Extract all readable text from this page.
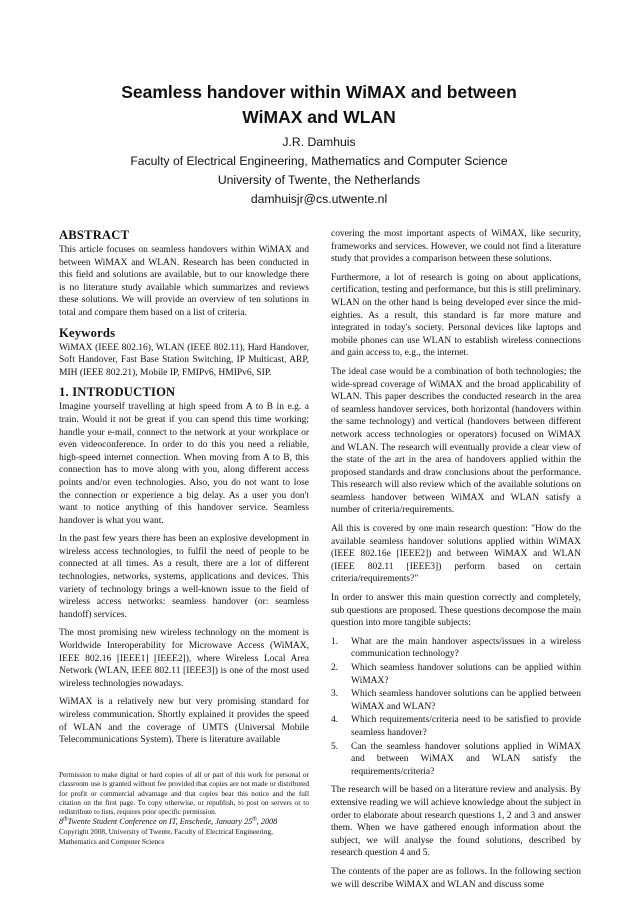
Seamless handover within WiMAX and between
WiMAX and WLAN
J.R. Damhuis
Faculty of Electrical Engineering, Mathematics and Computer Science
University of Twente, the Netherlands
damhuisjr@cs.utwente.nl
ABSTRACT

This article focuses on seamless handovers within WiMAX and between WiMAX and WLAN. Research has been conducted in this field and solutions are available, but to our knowledge there is no literature study available which summarizes and reviews these solutions. We will provide an overview of ten solutions in total and compare them based on a list of criteria.

Keywords

WiMAX (IEEE 802.16), WLAN (IEEE 802.11), Hard Handover, Soft Handover, Fast Base Station Switching, IP Multicast, ARP, MIH (IEEE 802.21), Mobile IP, FMIPv6, HMIPv6, SIP.

1. INTRODUCTION

Imagine yourself travelling at high speed from A to B in e.g. a train. Would it not be great if you can spend this time working; handle your e-mail, connect to the network at your workplace or even videoconference. In order to do this you need a reliable, high-speed internet connection. When moving from A to B, this connection has to move along with you, along different access points and/or even technologies. Also, you do not want to lose the connection or experience a big delay. As a user you don't want to notice anything of this handover service. Seamless handover is what you want.

In the past few years there has been an explosive development in wireless access technologies, to fulfil the need of people to be connected at all times. As a result, there are a lot of different technologies, networks, systems, applications and devices. This variety of technology brings a well-known issue to the field of wireless access networks: seamless handover (or: seamless handoff) services.

The most promising new wireless technology on the moment is Worldwide Interoperability for Microwave Access (WiMAX, IEEE 802.16 [IEEE1] [IEEE2]), where Wireless Local Area Network (WLAN, IEEE 802.11 [IEEE3]) is one of the most used wireless technologies nowadays.

WiMAX is a relatively new but very promising standard for wireless communication. Shortly explained it provides the speed of WLAN and the coverage of UMTS (Universal Mobile Telecommunications System). There is literature available

Permission to make digital or hard copies of all or part of this work for personal or classroom use is granted without fee provided that copies are not made or distributed for profit or commercial advantage and that copies bear this notice and the full citation on the first page. To copy otherwise, or republish, to post on servers or to redistribute to lists, requires prior specific permission.
8thTwente Student Conference on IT, Enschede, January 25th, 2008
Copyright 2008, University of Twente, Faculty of Electrical Engineering,
Mathematics and Computer Science

covering the most important aspects of WiMAX, like security, frameworks and services. However, we could not find a literature study that provides a comparison between these solutions.

Furthermore, a lot of research is going on about applications, certification, testing and performance, but this is still preliminary. WLAN on the other hand is being developed ever since the mid-eighties. As a result, this standard is far more mature and integrated in today's society. Personal devices like laptops and mobile phones can use WLAN to establish wireless connections and gain access to, e.g., the internet.

The ideal case would be a combination of both technologies; the wide-spread coverage of WiMAX and the broad applicability of WLAN. This paper describes the conducted research in the area of seamless handover services, both horizontal (handovers within the same technology) and vertical (handovers between different network access technologies or operators) focused on WiMAX and WLAN. The research will eventually provide a clear view of the state of the art in the area of handovers applied within the proposed standards and draw conclusions about the performance. This research will also review which of the available solutions on seamless handover between WiMAX and WLAN satisfy a number of criteria/requirements.

All this is covered by one main research question: "How do the available seamless handover solutions applied within WiMAX (IEEE 802.16e [IEEE2]) and between WiMAX and WLAN (IEEE 802.11 [IEEE3]) perform based on certain criteria/requirements?"

In order to answer this main question correctly and completely, sub questions are proposed. These questions decompose the main question into more tangible subjects:

1.	What are the main handover aspects/issues in a wireless communication technology?
2.	Which seamless handover solutions can be applied within WiMAX?
3.	Which seamless handover solutions can be applied between WiMAX and WLAN?
4.	Which requirements/criteria need to be satisfied to provide seamless handover?
5.	Can the seamless handover solutions applied in WiMAX and between WiMAX and WLAN satisfy the requirements/criteria?

The research will be based on a literature review and analysis. By extensive reading we will achieve knowledge about the subject in order to elaborate about research questions 1, 2 and 3 and answer them. When we have gathered enough information about the subject, we will analyse the found solutions, described by research question 4 and 5.

The contents of the paper are as follows. In the following section we will describe WiMAX and WLAN and discuss some
